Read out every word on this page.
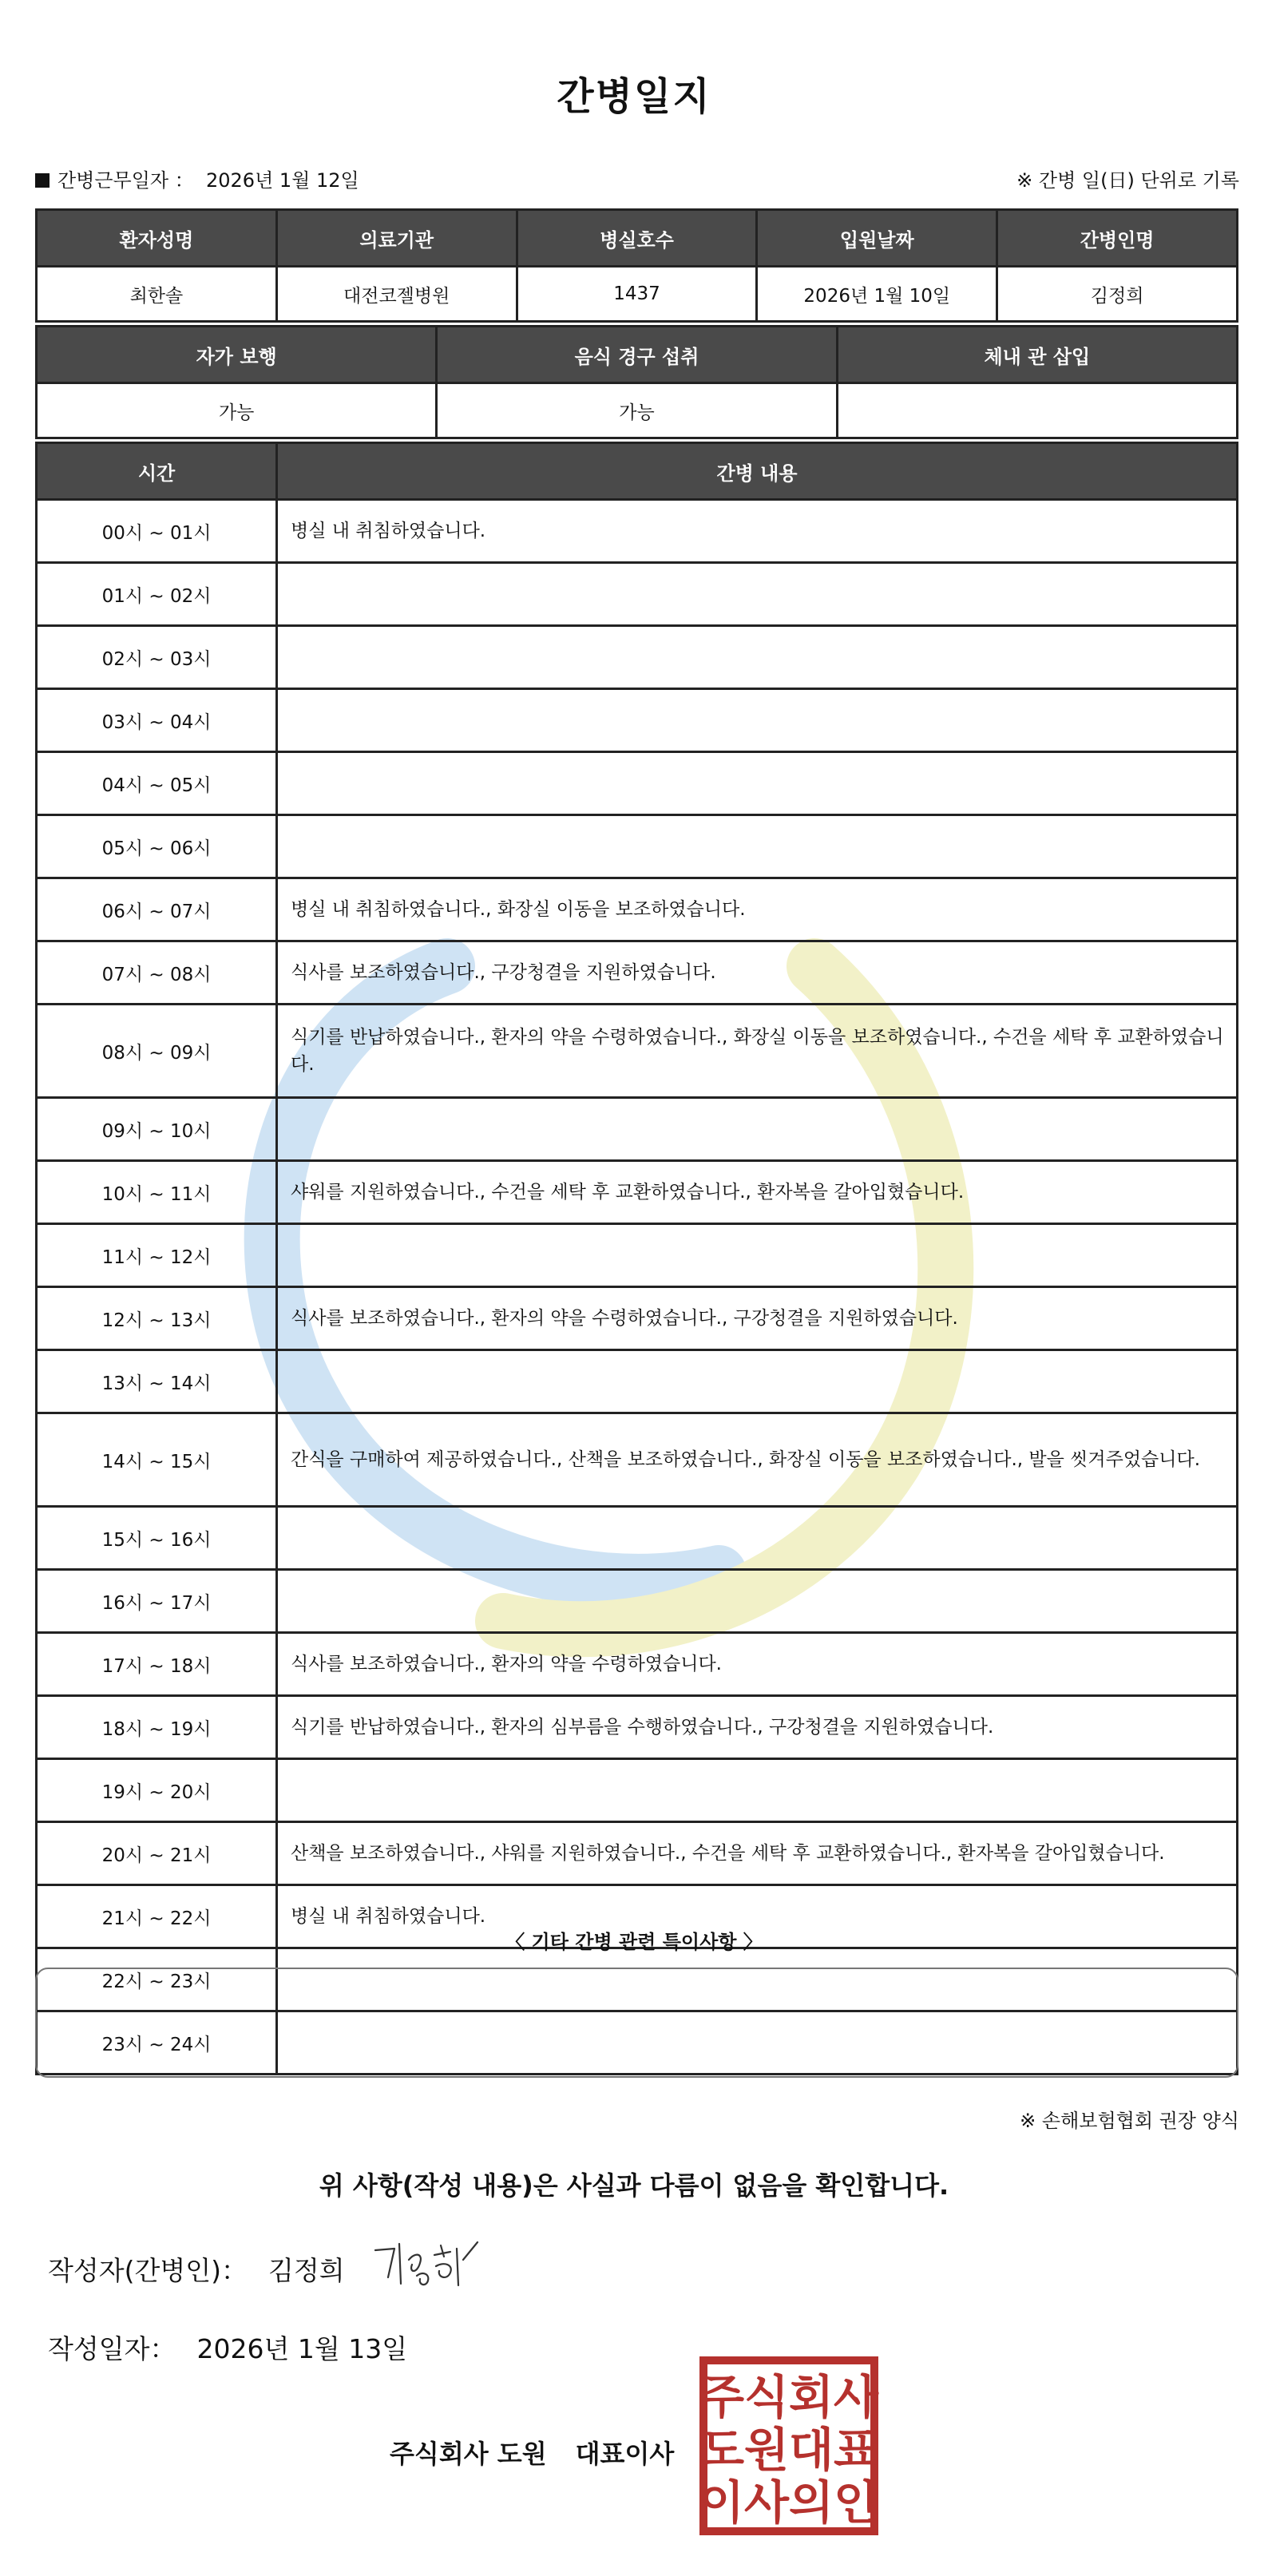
간병일지
간병근무일자 ： 2026년 1월 12일	※ 간병 일(日) 단위로 기록
환자성명	의료기관	병실호수	입원날짜	간병인명
최한솔	대전코젤병원	1437	2026년 1월 10일	김정희
자가 보행	음식 경구 섭취	체내 관 삽입
가능	가능	
시간	간병 내용
00시 ~ 01시	병실 내 취침하였습니다.
01시 ~ 02시	
02시 ~ 03시	
03시 ~ 04시	
04시 ~ 05시	
05시 ~ 06시	
06시 ~ 07시	병실 내 취침하였습니다., 화장실 이동을 보조하였습니다.
07시 ~ 08시	식사를 보조하였습니다., 구강청결을 지원하였습니다.
08시 ~ 09시	식기를 반납하였습니다., 환자의 약을 수령하였습니다., 화장실 이동을 보조하였습니다., 수건을 세탁 후 교환하였습니다.
09시 ~ 10시	
10시 ~ 11시	샤워를 지원하였습니다., 수건을 세탁 후 교환하였습니다., 환자복을 갈아입혔습니다.
11시 ~ 12시	
12시 ~ 13시	식사를 보조하였습니다., 환자의 약을 수령하였습니다., 구강청결을 지원하였습니다.
13시 ~ 14시	
14시 ~ 15시	간식을 구매하여 제공하였습니다., 산책을 보조하였습니다., 화장실 이동을 보조하였습니다., 발을 씻겨주었습니다.
15시 ~ 16시	
16시 ~ 17시	
17시 ~ 18시	식사를 보조하였습니다., 환자의 약을 수령하였습니다.
18시 ~ 19시	식기를 반납하였습니다., 환자의 심부름을 수행하였습니다., 구강청결을 지원하였습니다.
19시 ~ 20시	
20시 ~ 21시	산책을 보조하였습니다., 샤워를 지원하였습니다., 수건을 세탁 후 교환하였습니다., 환자복을 갈아입혔습니다.
21시 ~ 22시	병실 내 취침하였습니다.
22시 ~ 23시	
23시 ~ 24시	
〈 기타 간병 관련 특이사항 〉
※ 손해보험협회 권장 양식
위 사항(작성 내용)은 사실과 다름이 없음을 확인합니다.
작성자(간병인)： 김정희
작성일자： 2026년 1월 13일
주식회사 도원 대표이사
주식회사
도원대표
이사의인
